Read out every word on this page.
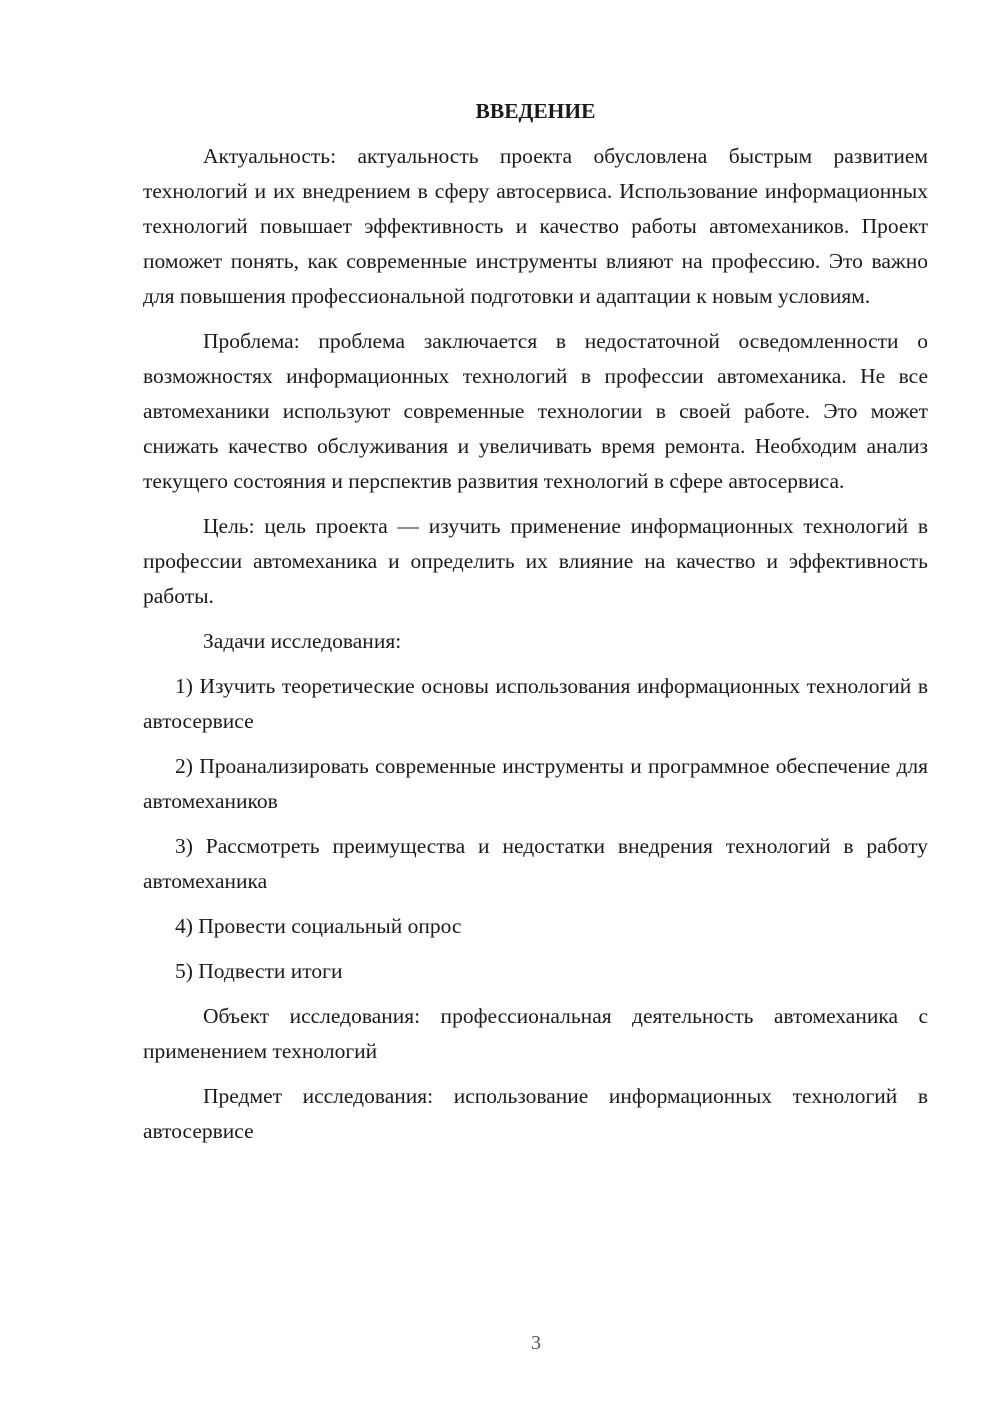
ВВЕДЕНИЕ

Актуальность: актуальность проекта обусловлена быстрым развитием технологий и их внедрением в сферу автосервиса. Использование информационных технологий повышает эффективность и качество работы автомехаников. Проект поможет понять, как современные инструменты влияют на профессию. Это важно для повышения профессиональной подготовки и адаптации к новым условиям.

Проблема: проблема заключается в недостаточной осведомленности о возможностях информационных технологий в профессии автомеханика. Не все автомеханики используют современные технологии в своей работе. Это может снижать качество обслуживания и увеличивать время ремонта. Необходим анализ текущего состояния и перспектив развития технологий в сфере автосервиса.

Цель: цель проекта — изучить применение информационных технологий в профессии автомеханика и определить их влияние на качество и эффективность работы.

Задачи исследования:

1) Изучить теоретические основы использования информационных технологий в автосервисе

2) Проанализировать современные инструменты и программное обеспечение для автомехаников

3) Рассмотреть преимущества и недостатки внедрения технологий в работу автомеханика

4) Провести социальный опрос

5) Подвести итоги

Объект исследования: профессиональная деятельность автомеханика с применением технологий

Предмет исследования: использование информационных технологий в автосервисе

3
